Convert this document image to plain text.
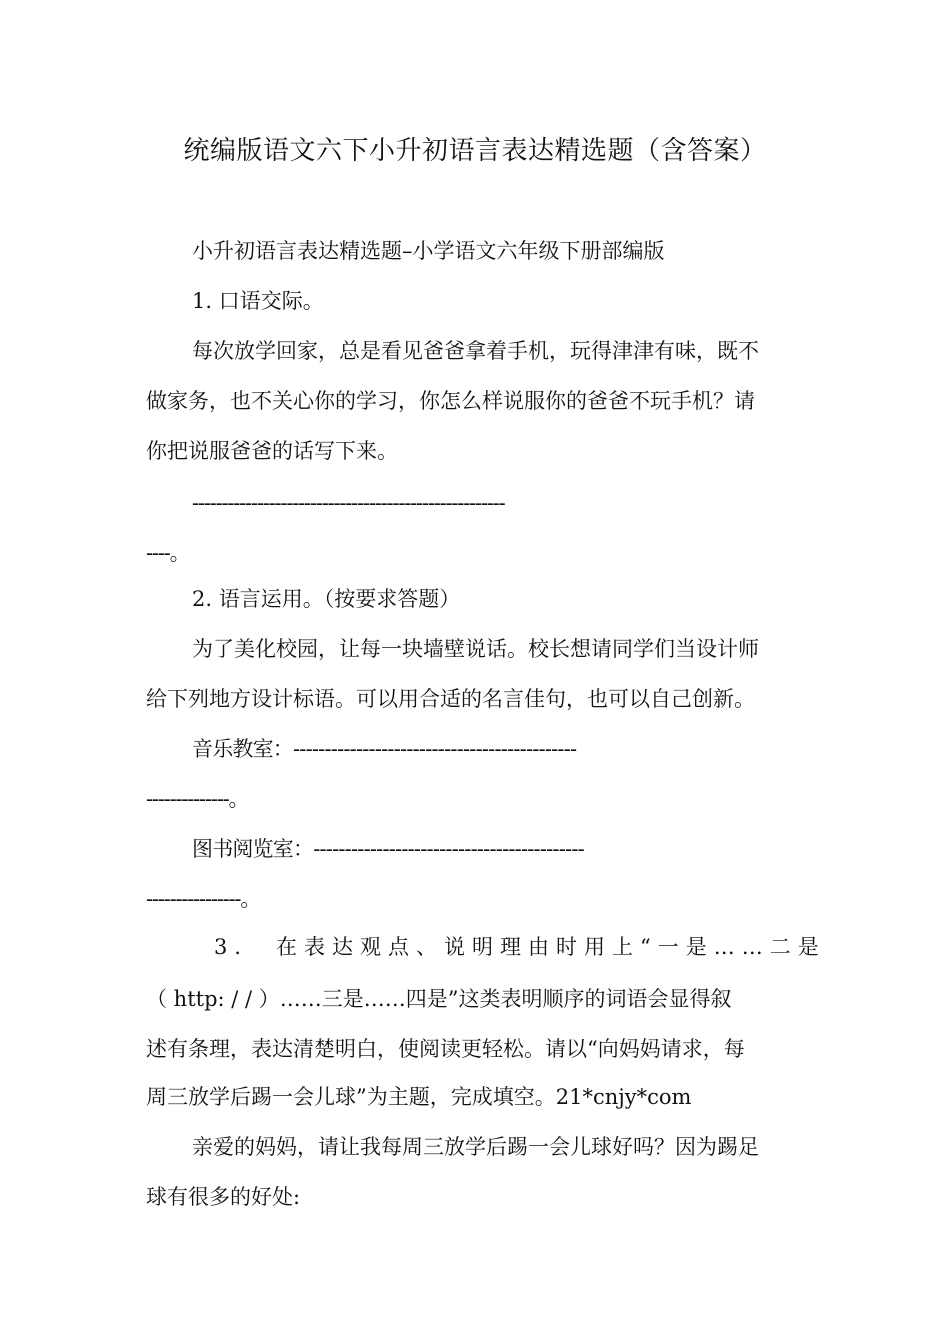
统编版语文六下小升初语言表达精选题（含答案）
小升初语言表达精选题–小学语文六年级下册部编版
1. 口语交际。
每次放学回家，总是看见爸爸拿着手机，玩得津津有味，既不
做家务，也不关心你的学习，你怎么样说服你的爸爸不玩手机？请
你把说服爸爸的话写下来。
-----------------------------------------------------
----。
2. 语言运用。（按要求答题）
为了美化校园，让每一块墙壁说话。校长想请同学们当设计师
给下列地方设计标语。可以用合适的名言佳句，也可以自己创新。
音乐教室：---------------------------------------------
--------------。
图书阅览室：-------------------------------------------
----------------。
3． 在表达观点、说明理由时用上“一是……二是
（ http: / / ）……三是……四是”这类表明顺序的词语会显得叙
述有条理，表达清楚明白，使阅读更轻松。请以“向妈妈请求，每
周三放学后踢一会儿球”为主题，完成填空。21*cnjy*com
亲爱的妈妈，请让我每周三放学后踢一会儿球好吗？因为踢足
球有很多的好处:
